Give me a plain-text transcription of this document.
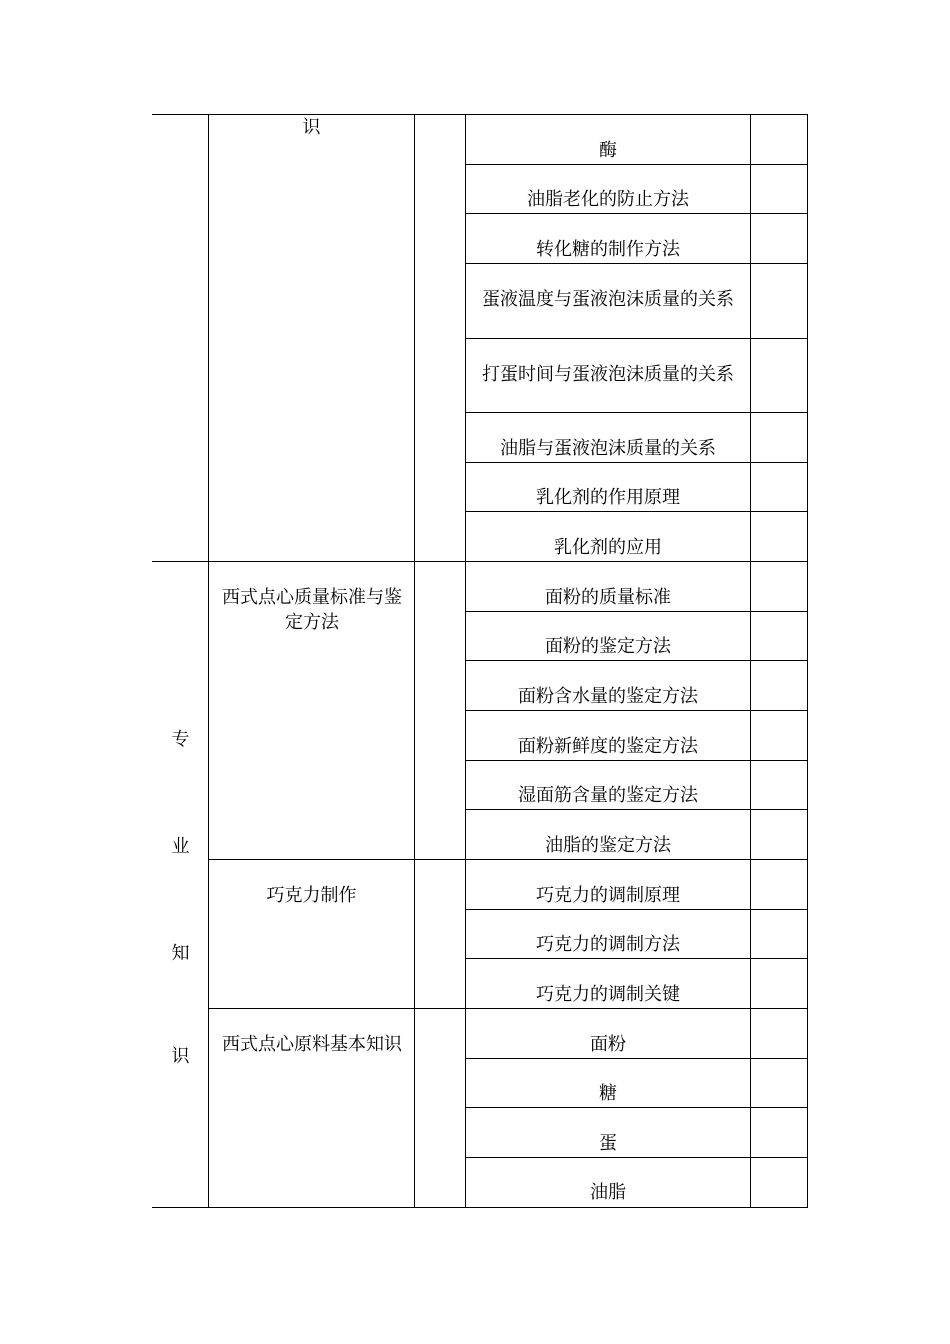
识
酶
油脂老化的防止方法
转化糖的制作方法
蛋液温度与蛋液泡沫质量的关系
打蛋时间与蛋液泡沫质量的关系
油脂与蛋液泡沫质量的关系
乳化剂的作用原理
乳化剂的应用
专
业
知
识
西式点心质量标准与鉴定方法
面粉的质量标准
面粉的鉴定方法
面粉含水量的鉴定方法
面粉新鲜度的鉴定方法
湿面筋含量的鉴定方法
油脂的鉴定方法
巧克力制作	巧克力的调制原理
巧克力的调制方法
巧克力的调制关键
西式点心原料基本知识	面粉
糖
蛋
油脂
